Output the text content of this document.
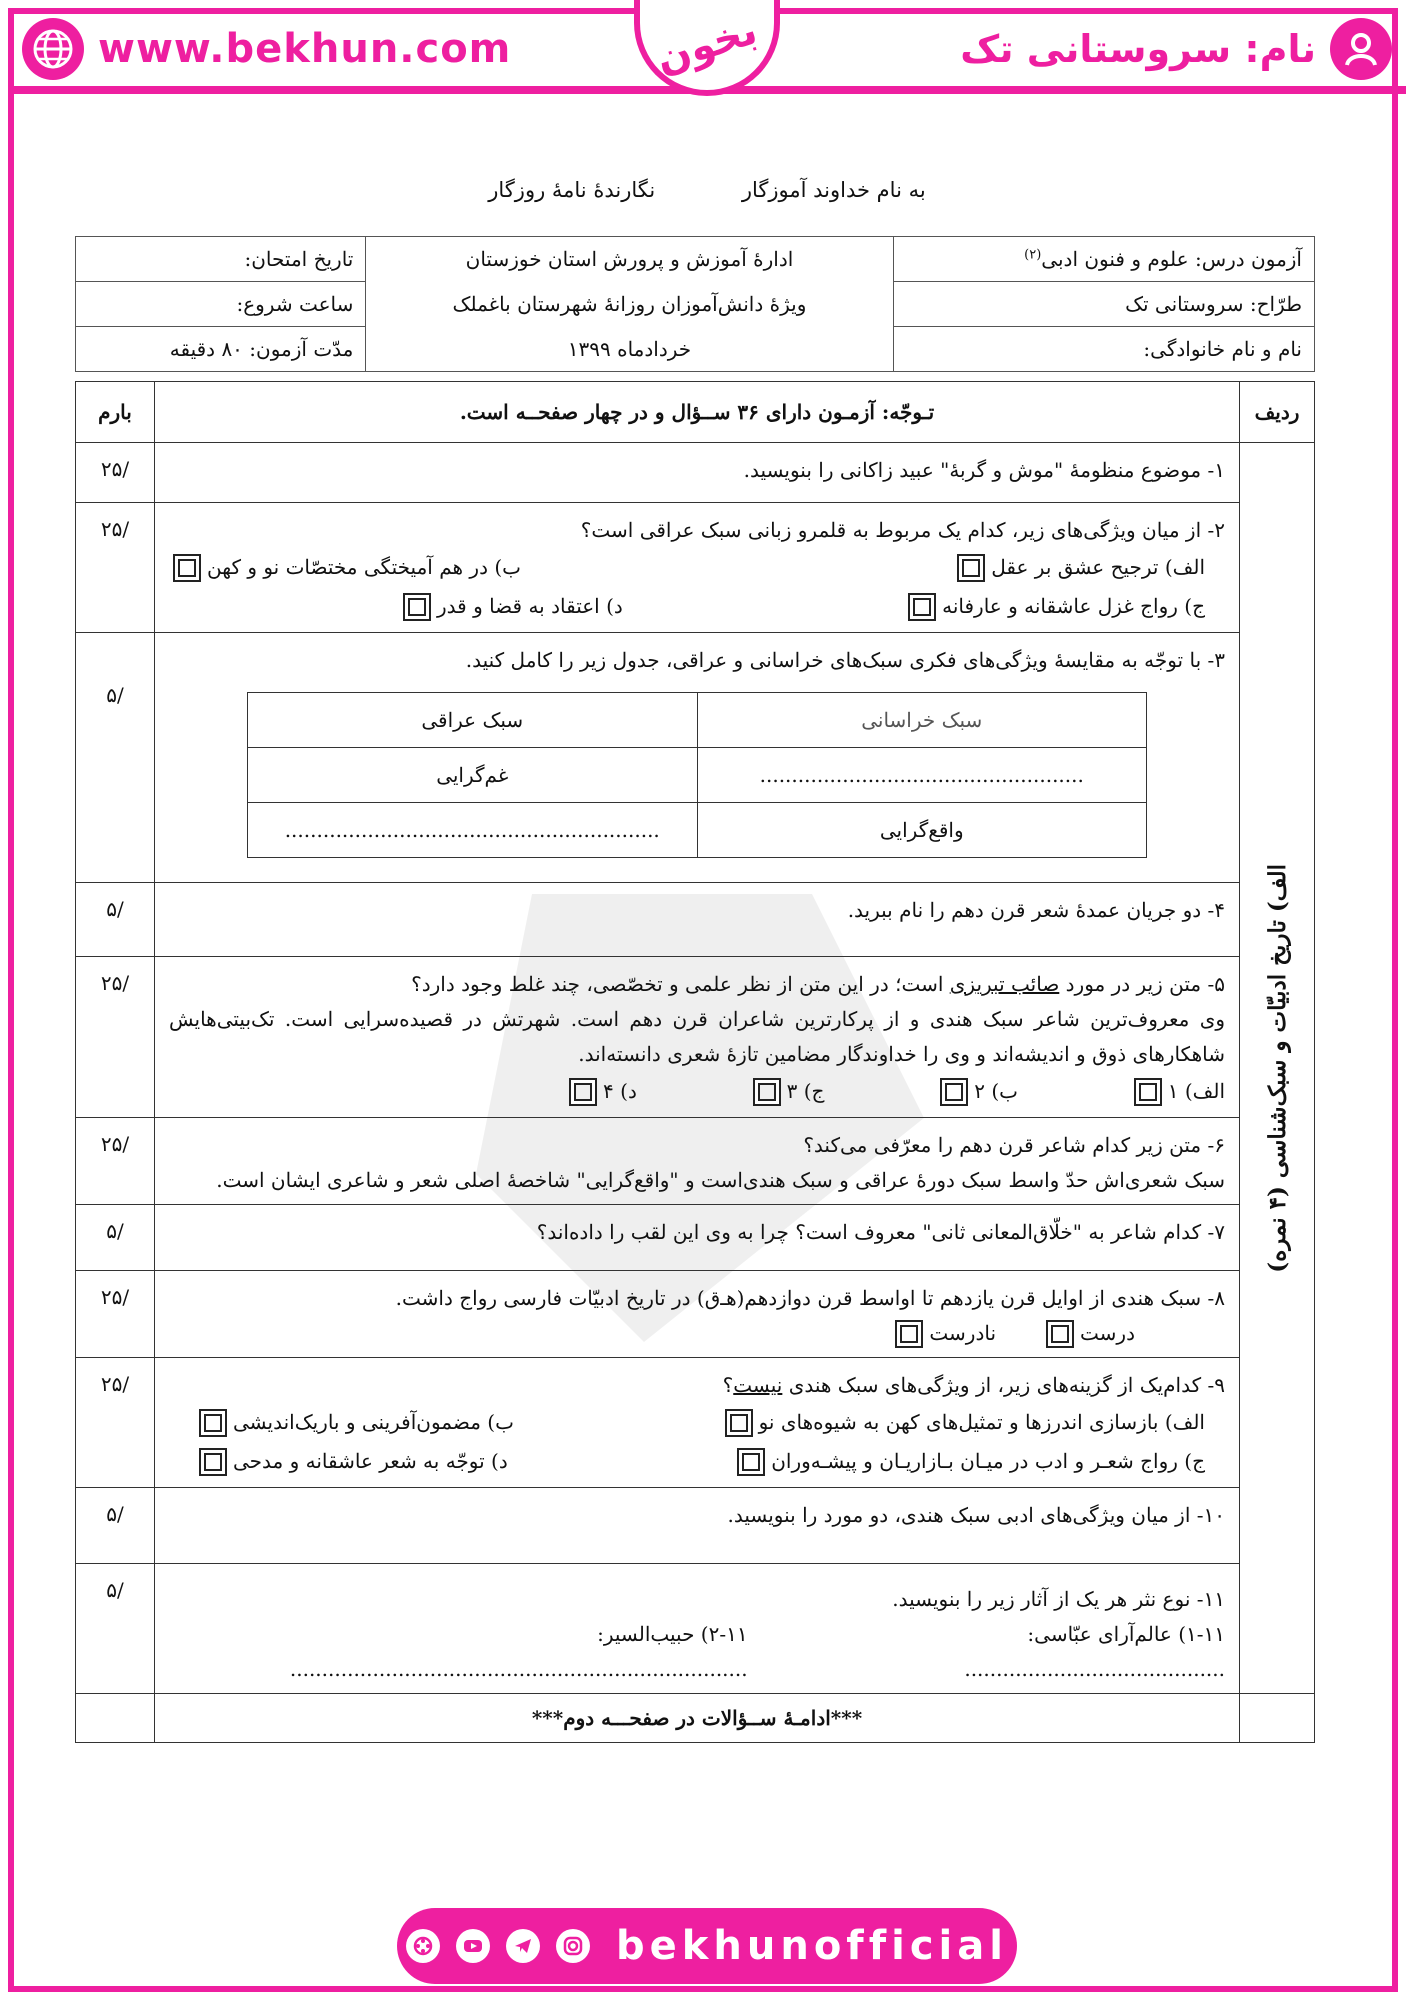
نام: سروستانی تک
www.bekhun.com	بخون
به نام خداوند آموزگار نگارندهٔ نامهٔ روزگار
آزمون درس: علوم و فنون ادبی$^{(۲)}$	ادارهٔ آموزش و پرورش استان خوزستان	تاریخ امتحان:
طرّاح: سروستانی تک	ویژهٔ دانش‌آموزان روزانهٔ شهرستان باغملک	ساعت شروع:
نام و نام خانوادگی:	خردادماه ۱۳۹۹	مدّت آزمون: ۸۰ دقیقه
ردیف	تـوجّه: آزمـون دارای ۳۶ ســؤال و در چهار صفحــه است.	بارم

الف) تاریخ ادبیّات و سبک‌شناسی (۴ نمره)
	۱- موضوع منظومهٔ "موش و گربهٔ" عبید زاکانی را بنویسید.	/۲۵

۲- از میان ویژگی‌های زیر، کدام یک مربوط به قلمرو زبانی سبک عراقی است؟
الف) ترجیح عشق بر عقل
ب) در هم آمیختگی مختصّات نو و کهن
ج) رواج غزل عاشقانه و عارفانه
د) اعتقاد به قضا و قدر
	/۲۵

۳- با توجّه به مقایسهٔ ویژگی‌های فکری سبک‌های خراسانی و عراقی، جدول زیر را کامل کنید.
سبک خراسانی	سبک عراقی
...................................................	غم‌گرایی
واقع‌گرایی	...........................................................
	/۵
۴- دو جریان عمدهٔ شعر قرن دهم را نام ببرید.	/۵

۵- متن زیر در مورد صائب تبریزی است؛ در این متن از نظر علمی و تخصّصی، چند غلط وجود دارد؟
وی معروف‌ترین شاعر سبک هندی و از پرکارترین شاعران قرن دهم است. شهرتش در قصیده‌سرایی است. تک‌بیتی‌هایش شاهکارهای ذوق و اندیشه‌اند و وی را خداوندگار مضامین تازهٔ شعری دانسته‌اند.
الف) ۱
ب) ۲
ج) ۳
د) ۴
	/۲۵

۶- متن زیر کدام شاعر قرن دهم را معرّفی می‌کند؟
سبک شعری‌اش حدّ واسط سبک دورهٔ عراقی و سبک هندی‌است و "واقع‌گرایی" شاخصهٔ اصلی شعر و شاعری ایشان است.
	/۲۵
۷- کدام شاعر به "خلّاق‌المعانی ثانی" معروف است؟ چرا به وی این لقب را داده‌اند؟	/۵

۸- سبک هندی از اوایل قرن یازدهم تا اواسط قرن دوازدهم(هـ‌ق) در تاریخ ادبیّات فارسی رواج داشت.
درست
نادرست
	/۲۵

۹- کدام‌یک از گزینه‌های زیر، از ویژگی‌های سبک هندی نیست؟
الف) بازسازی اندرزها و تمثیل‌های کهن به شیوه‌های نو
ب) مضمون‌آفرینی و باریک‌اندیشی
ج) رواج شعـر و ادب در میـان بـازاریـان و پیشـه‌وران
د) توجّه به شعر عاشقانه و مدحی
	/۲۵
۱۰- از میان ویژگی‌های ادبی سبک هندی، دو مورد را بنویسید.	/۵

۱۱- نوع نثر هر یک از آثار زیر را بنویسید.
۱-۱۱) عالم‌آرای عبّاسی: .........................................
۲-۱۱) حبیب‌السیر: ........................................................................
	/۵
	***ادامـهٔ ســؤالات در صفحـــه دوم***	
bekhunofficial
